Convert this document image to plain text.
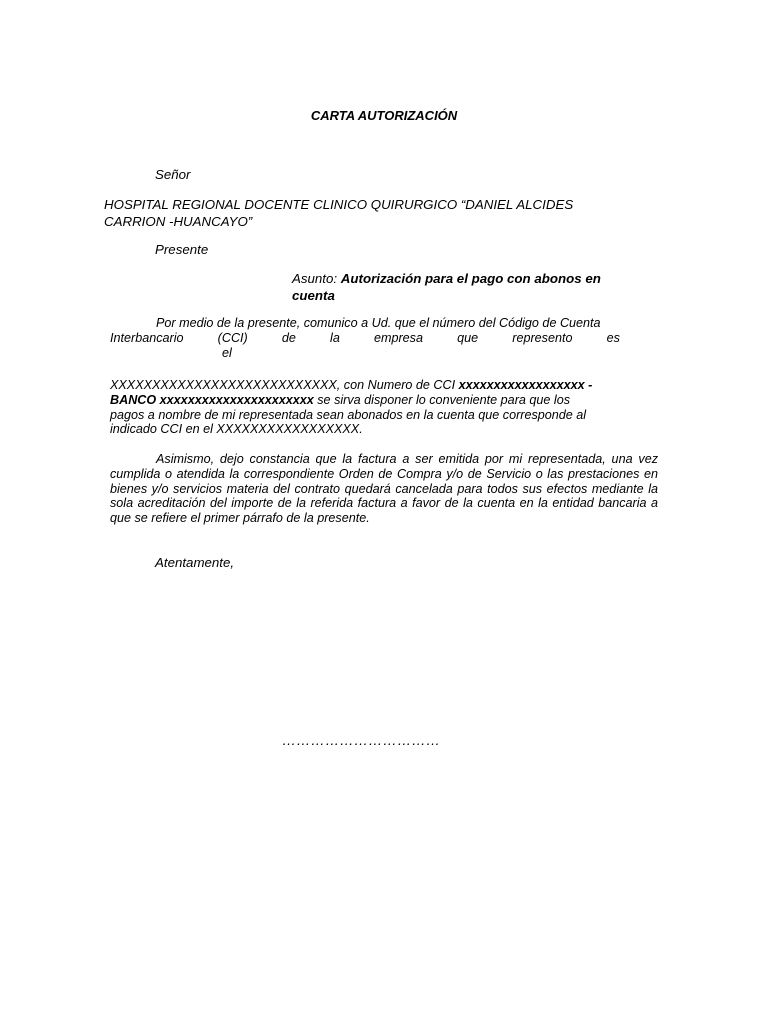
CARTA AUTORIZACIÓN
Señor
HOSPITAL REGIONAL DOCENTE CLINICO QUIRURGICO “DANIEL ALCIDES
CARRION -HUANCAYO”
Presente
Asunto: Autorización para el pago con abonos en
cuenta
Por medio de la presente, comunico a Ud. que el número del Código de Cuenta
Interbancario	(CCI)	de	la	empresa	que	represento	es
el
XXXXXXXXXXXXXXXXXXXXXXXXXXX, con Numero de CCI xxxxxxxxxxxxxxxxxx -
BANCO xxxxxxxxxxxxxxxxxxxxxx se sirva disponer lo conveniente para que los
pagos a nombre de mi representada sean abonados en la cuenta que corresponde al
indicado CCI en el XXXXXXXXXXXXXXXXX.
Asimismo, dejo constancia que la factura a ser emitida por mi representada, una vez cumplida o atendida la correspondiente Orden de Compra y/o de Servicio o las prestaciones en bienes y/o servicios materia del contrato quedará cancelada para todos sus efectos mediante la sola acreditación del importe de la referida factura a favor de la cuenta en la entidad bancaria a que se refiere el primer párrafo de la presente.
Atentamente,
……………………………
